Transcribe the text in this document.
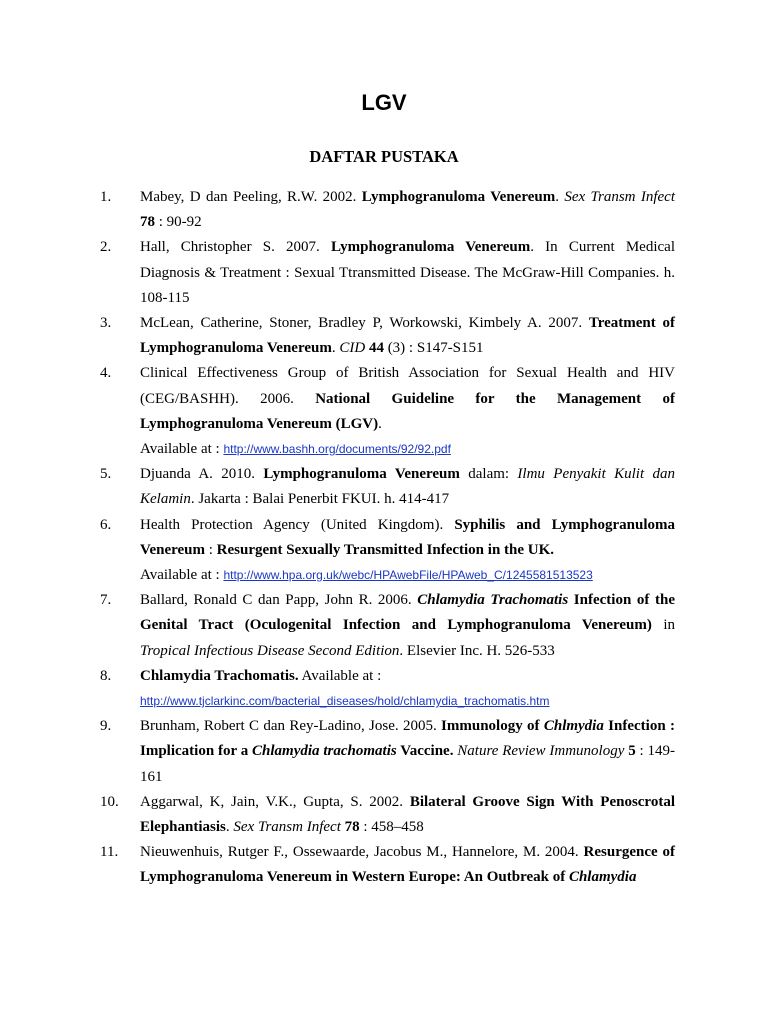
LGV
DAFTAR PUSTAKA
1.	Mabey, D dan Peeling, R.W. 2002. Lymphogranuloma Venereum. Sex Transm Infect 78 : 90-92
2.	Hall, Christopher S. 2007. Lymphogranuloma Venereum. In Current Medical Diagnosis & Treatment : Sexual Ttransmitted Disease. The McGraw-Hill Companies. h. 108-115
3.	McLean, Catherine, Stoner, Bradley P, Workowski, Kimbely A. 2007. Treatment of Lymphogranuloma Venereum. CID 44 (3) : S147-S151
4.	Clinical Effectiveness Group of British Association for Sexual Health and HIV (CEG/BASHH). 2006. National Guideline for the Management of Lymphogranuloma Venereum (LGV).
Available at : http://www.bashh.org/documents/92/92.pdf
5.	Djuanda A. 2010. Lymphogranuloma Venereum dalam: Ilmu Penyakit Kulit dan Kelamin. Jakarta : Balai Penerbit FKUI. h. 414-417
6.	Health Protection Agency (United Kingdom). Syphilis and Lymphogranuloma Venereum : Resurgent Sexually Transmitted Infection in the UK.
Available at : http://www.hpa.org.uk/webc/HPAwebFile/HPAweb_C/1245581513523
7.	Ballard, Ronald C dan Papp, John R. 2006. Chlamydia Trachomatis Infection of the Genital Tract (Oculogenital Infection and Lymphogranuloma Venereum) in Tropical Infectious Disease Second Edition. Elsevier Inc. H. 526-533
8.	Chlamydia Trachomatis. Available at :
http://www.tjclarkinc.com/bacterial_diseases/hold/chlamydia_trachomatis.htm
9.	Brunham, Robert C dan Rey-Ladino, Jose. 2005. Immunology of Chlmydia Infection : Implication for a Chlamydia trachomatis Vaccine. Nature Review Immunology 5 : 149-161
10.	Aggarwal, K, Jain, V.K., Gupta, S. 2002. Bilateral Groove Sign With Penoscrotal Elephantiasis. Sex Transm Infect 78 : 458–458
11.	Nieuwenhuis, Rutger F., Ossewaarde, Jacobus M., Hannelore, M. 2004. Resurgence of Lymphogranuloma Venereum in Western Europe: An Outbreak of Chlamydia
